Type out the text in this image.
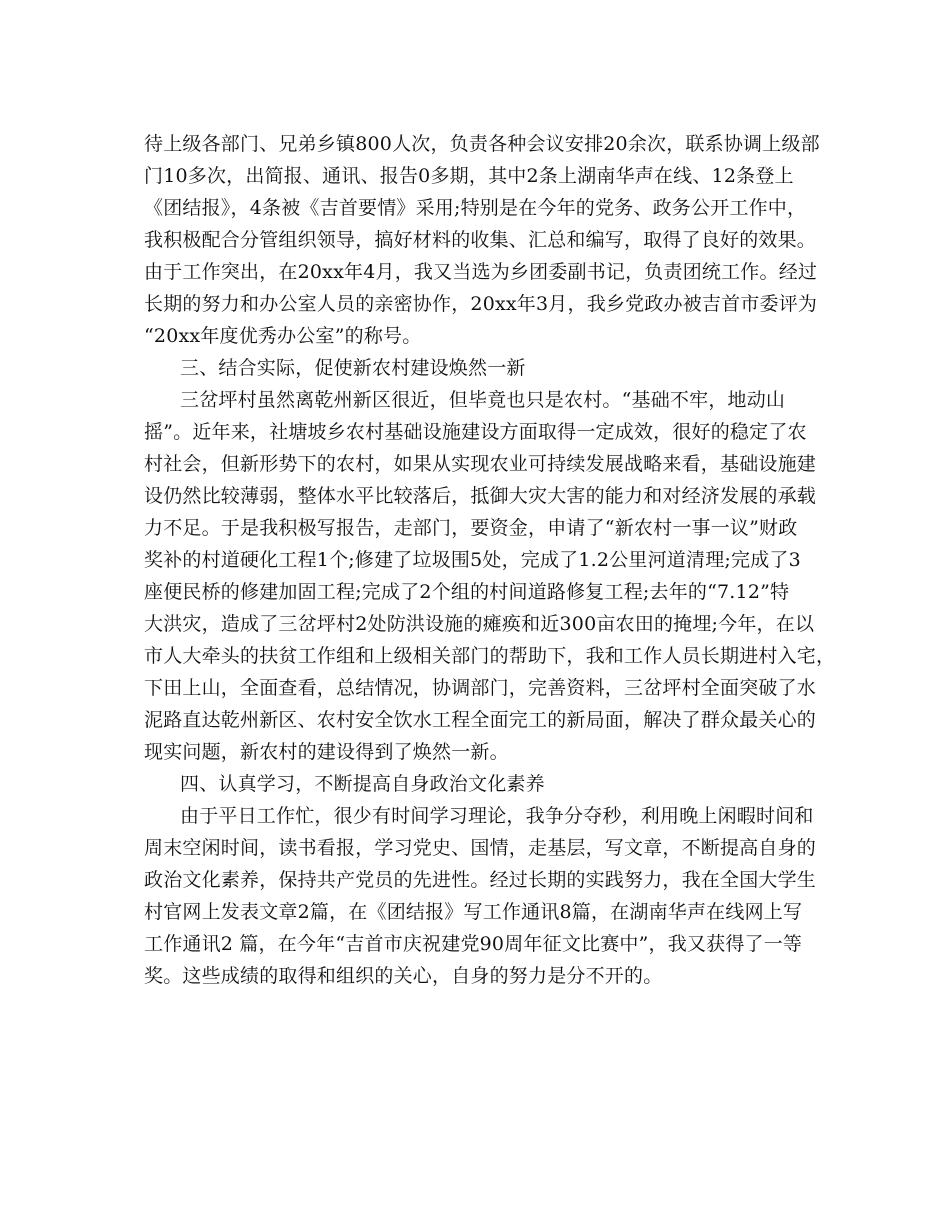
待上级各部门、兄弟乡镇800人次，负责各种会议安排20余次，联系协调上级部
门10多次，出简报、通讯、报告0多期，其中2条上湖南华声在线、12条登上
《团结报》，4条被《吉首要情》采用;特别是在今年的党务、政务公开工作中，
我积极配合分管组织领导，搞好材料的收集、汇总和编写，取得了良好的效果。
由于工作突出，在20xx年4月，我又当选为乡团委副书记，负责团统工作。经过
长期的努力和办公室人员的亲密协作，20xx年3月，我乡党政办被吉首市委评为
“20xx年度优秀办公室”的称号。
三、结合实际，促使新农村建设焕然一新
三岔坪村虽然离乾州新区很近，但毕竟也只是农村。“基础不牢，地动山
摇”。近年来，社塘坡乡农村基础设施建设方面取得一定成效，很好的稳定了农
村社会，但新形势下的农村，如果从实现农业可持续发展战略来看，基础设施建
设仍然比较薄弱，整体水平比较落后，抵御大灾大害的能力和对经济发展的承载
力不足。于是我积极写报告，走部门，要资金，申请了“新农村一事一议”财政
奖补的村道硬化工程1个;修建了垃圾围5处，完成了1.2公里河道清理;完成了3
座便民桥的修建加固工程;完成了2个组的村间道路修复工程;去年的“7.12”特
大洪灾，造成了三岔坪村2处防洪设施的瘫痪和近300亩农田的掩埋;今年，在以
市人大牵头的扶贫工作组和上级相关部门的帮助下，我和工作人员长期进村入宅，
下田上山，全面查看，总结情况，协调部门，完善资料，三岔坪村全面突破了水
泥路直达乾州新区、农村安全饮水工程全面完工的新局面，解决了群众最关心的
现实问题，新农村的建设得到了焕然一新。
四、认真学习，不断提高自身政治文化素养
由于平日工作忙，很少有时间学习理论，我争分夺秒，利用晚上闲暇时间和
周末空闲时间，读书看报，学习党史、国情，走基层，写文章，不断提高自身的
政治文化素养，保持共产党员的先进性。经过长期的实践努力，我在全国大学生
村官网上发表文章2篇，在《团结报》写工作通讯8篇，在湖南华声在线网上写
工作通讯2 篇，在今年“吉首市庆祝建党90周年征文比赛中”，我又获得了一等
奖。这些成绩的取得和组织的关心，自身的努力是分不开的。
